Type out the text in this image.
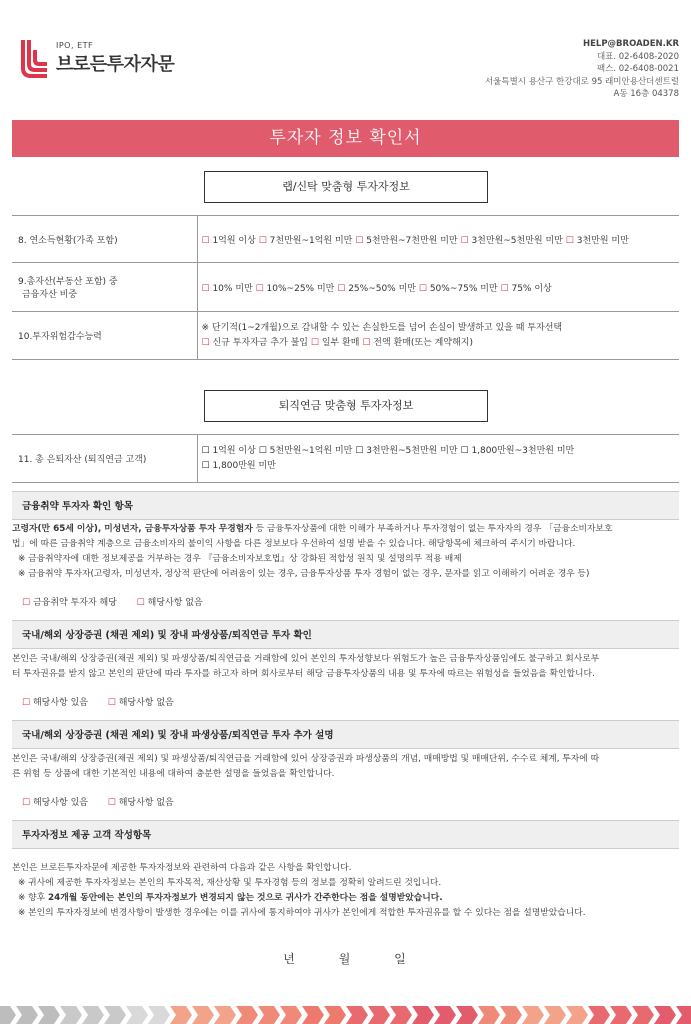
IPO, ETF
브로든투자자문
HELP@BROADEN.KR
대표. 02-6408-2020
팩스. 02-6408-0021
서울특별시 용산구 한강대로 95 래미안용산더센트럴
A동 16층 04378
투자자 정보 확인서
랩/신탁 맞춤형 투자자정보
8. 연소득현황(가족 포함)	☐ 1억원 이상 ☐ 7천만원~1억원 미만 ☐ 5천만원~7천만원 미만 ☐ 3천만원~5천만원 미만 ☐ 3천만원 미만

9.총자산(부동산 포함) 중
금융자산 비중	☐ 10% 미만 ☐ 10%~25% 미만 ☐ 25%~50% 미만 ☐ 50%~75% 미만 ☐ 75% 이상
10.투자위험감수능력	※ 단기적(1~2개월)으로 감내할 수 있는 손실한도를 넘어 손실이 발생하고 있을 때 투자선택
☐ 신규 투자자금 추가 불입 ☐ 일부 환매 ☐ 전액 환매(또는 계약해지)
퇴직연금 맞춤형 투자자정보
11. 총 은퇴자산 (퇴직연금 고객)	
☐ 1억원 이상 ☐ 5천만원~1억원 미만 ☐ 3천만원~5천만원 미만 ☐ 1,800만원~3천만원 미만
☐ 1,800만원 미만
금융취약 투자자 확인 항목
고령자(만 65세 이상), 미성년자, 금융투자상품 투자 무경험자 등 금융투자상품에 대한 이해가 부족하거나 투자경험이 없는 투자자의 경우 「금융소비자보호
법」에 따른 금융취약 계층으로 금융소비자의 불이익 사항을 다른 정보보다 우선하여 설명 받을 수 있습니다. 해당항목에 체크하여 주시기 바랍니다.
※ 금융취약자에 대한 정보제공을 거부하는 경우 『금융소비자보호법』상 강화된 적합성 원칙 및 설명의무 적용 배제
※ 금융취약 투자자(고령자, 미성년자, 정상적 판단에 어려움이 있는 경우, 금융투자상품 투자 경험이 없는 경우, 문자를 읽고 이해하기 어려운 경우 등)
☐ 금융취약 투자자 해당 ☐ 해당사항 없음
국내/해외 상장증권 (채권 제외) 및 장내 파생상품/퇴직연금 투자 확인
본인은 국내/해외 상장증권(채권 제외) 및 파생상품/퇴직연금을 거래함에 있어 본인의 투자성향보다 위험도가 높은 금융투자상품임에도 불구하고 회사로부
터 투자권유를 받지 않고 본인의 판단에 따라 투자를 하고자 하며 회사로부터 해당 금융투자상품의 내용 및 투자에 따르는 위험성을 들었음을 확인합니다.
☐ 해당사항 있음 ☐ 해당사항 없음
국내/해외 상장증권 (채권 제외) 및 장내 파생상품/퇴직연금 투자 추가 설명
본인은 국내/해외 상장증권(채권 제외) 및 파생상품/퇴직연금을 거래함에 있어 상장증권과 파생상품의 개념, 매매방법 및 매매단위, 수수료 체계, 투자에 따
른 위험 등 상품에 대한 기본적인 내용에 대하여 충분한 설명을 들었음을 확인합니다.
☐ 해당사항 있음 ☐ 해당사항 없음
투자자정보 제공 고객 작성항목
본인은 브로든투자자문에 제공한 투자자정보와 관련하여 다음과 같은 사항을 확인합니다.
※ 귀사에 제공한 투자자정보는 본인의 투자목적, 재산상황 및 투자경험 등의 정보를 정확히 알려드린 것입니다.
※ 향후 24개월 동안에는 본인의 투자자정보가 변경되지 않는 것으로 귀사가 간주한다는 점을 설명받았습니다.
※ 본인의 투자자정보에 변경사항이 발생한 경우에는 이를 귀사에 통지하여야 귀사가 본인에게 적합한 투자권유를 할 수 있다는 점을 설명받았습니다.
년	월	일
